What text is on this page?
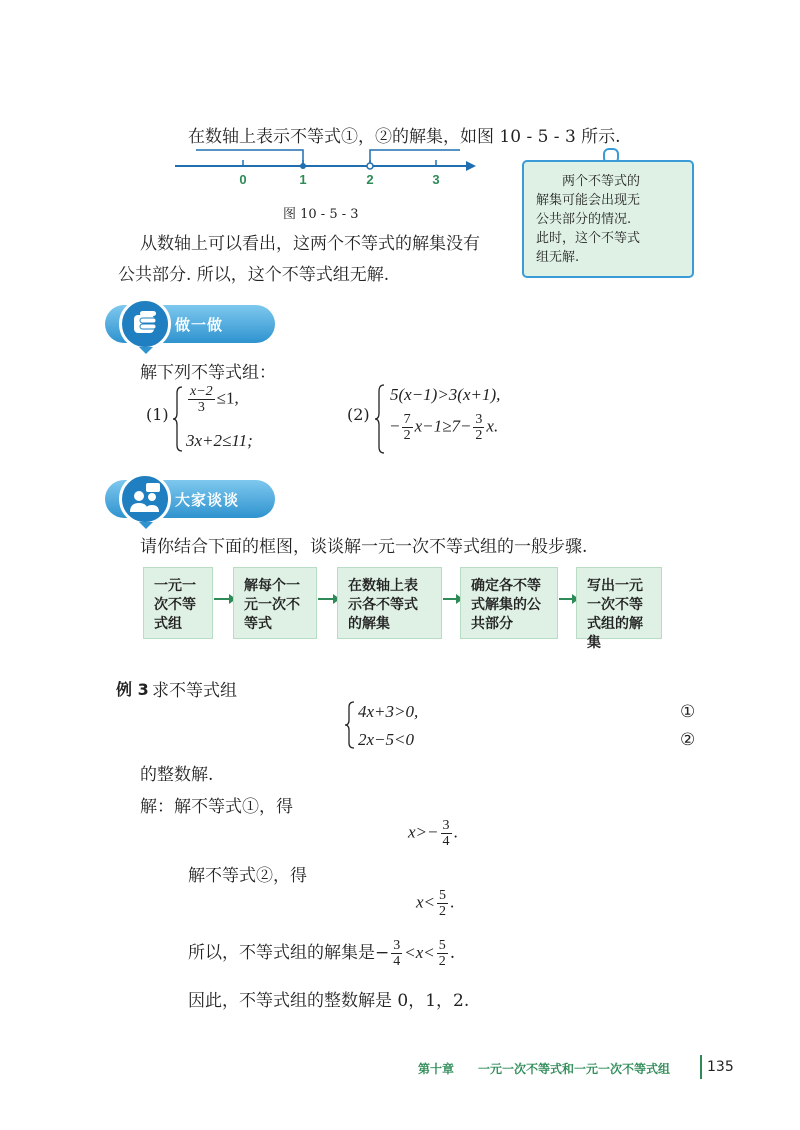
在数轴上表示不等式①，②的解集，如图 10 - 5 - 3 所示.
0	1	2	3
图 10 - 5 - 3
从数轴上可以看出，这两个不等式的解集没有
公共部分. 所以，这个不等式组无解.
两个不等式的
解集可能会出现无
公共部分的情况.
此时，这个不等式
组无解.
做一做
解下列不等式组：
$(1) \frac{x-2}{3} \le 1$,
3x+2≤11;
(2)
5(x−1)>3(x+1),
− $\frac{7}{2} x-1\ge 7- \frac{3}{2} x$.
大家谈谈
请你结合下面的框图，谈谈解一元一次不等式组的一般步骤.
一元一次不等式组
解每个一元一次不等式
在数轴上表示各不等式的解集
确定各不等式解集的公共部分
写出一元一次不等式组的解集
例 3 求不等式组
4x+3>0,	①
2x−5<0	②
的整数解.
解：解不等式①，得
$x>- \frac{3}{4}$ .
解不等式②，得
$x< \frac{5}{2}$ .
所以，不等式组的解集是− $\frac{3}{4} <x< \frac{5}{2}$ .
因此，不等式组的整数解是 0，1，2.
第十章 一元一次不等式和一元一次不等式组	135
